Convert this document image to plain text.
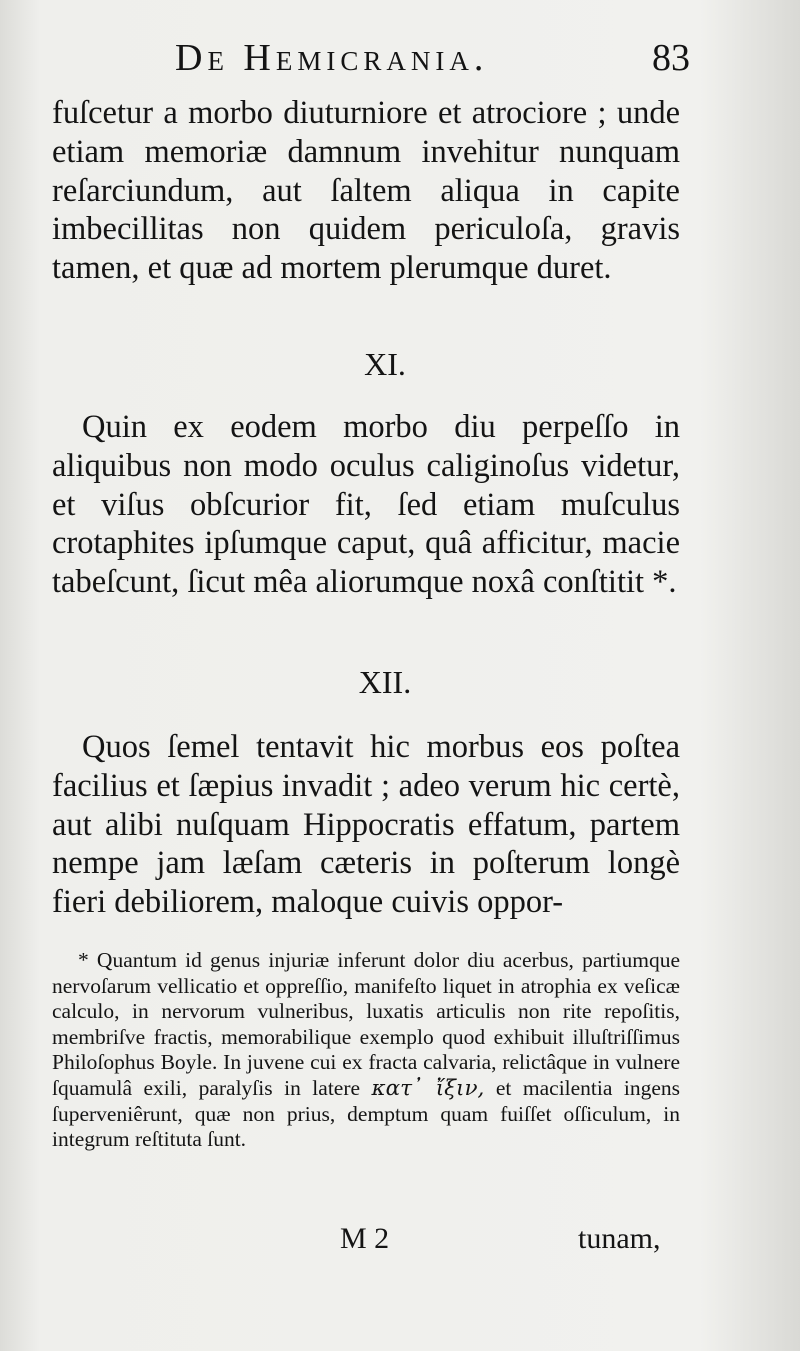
De Hemicrania.	83

fuſcetur a morbo diuturniore et atrociore ; unde etiam memoriæ damnum invehitur nunquam reſarciundum, aut ſaltem aliqua in capite imbecillitas non quidem periculoſa, gravis tamen, et quæ ad mortem plerumque duret.

XI.

Quin ex eodem morbo diu perpeſſo in aliquibus non modo oculus caliginoſus videtur, et viſus obſcurior fit, ſed etiam muſculus crotaphites ipſumque caput, quâ afficitur, macie tabeſcunt, ſicut mêa aliorumque noxâ conſtitit *.

XII.

Quos ſemel tentavit hic morbus eos poſtea facilius et ſæpius invadit ; adeo verum hic certè, aut alibi nuſquam Hippocratis effatum, partem nempe jam læſam cæteris in poſterum longè fieri debiliorem, maloque cuivis oppor-

* Quantum id genus injuriæ inferunt dolor diu acerbus, partiumque nervoſarum vellicatio et oppreſſio, manifeſto liquet in atrophia ex veſicæ calculo, in nervorum vulneribus, luxatis articulis non rite repoſitis, membriſve fractis, memorabilique exemplo quod exhibuit illuſtriſſimus Philoſophus Boyle. In juvene cui ex fracta calvaria, relictâque in vulnere ſquamulâ exili, paralyſis in latere κατ᾽ ἴξιν, et macilentia ingens ſuperveniêrunt, quæ non prius, demptum quam fuiſſet oſſiculum, in integrum reſtituta ſunt.
M 2	tunam,
